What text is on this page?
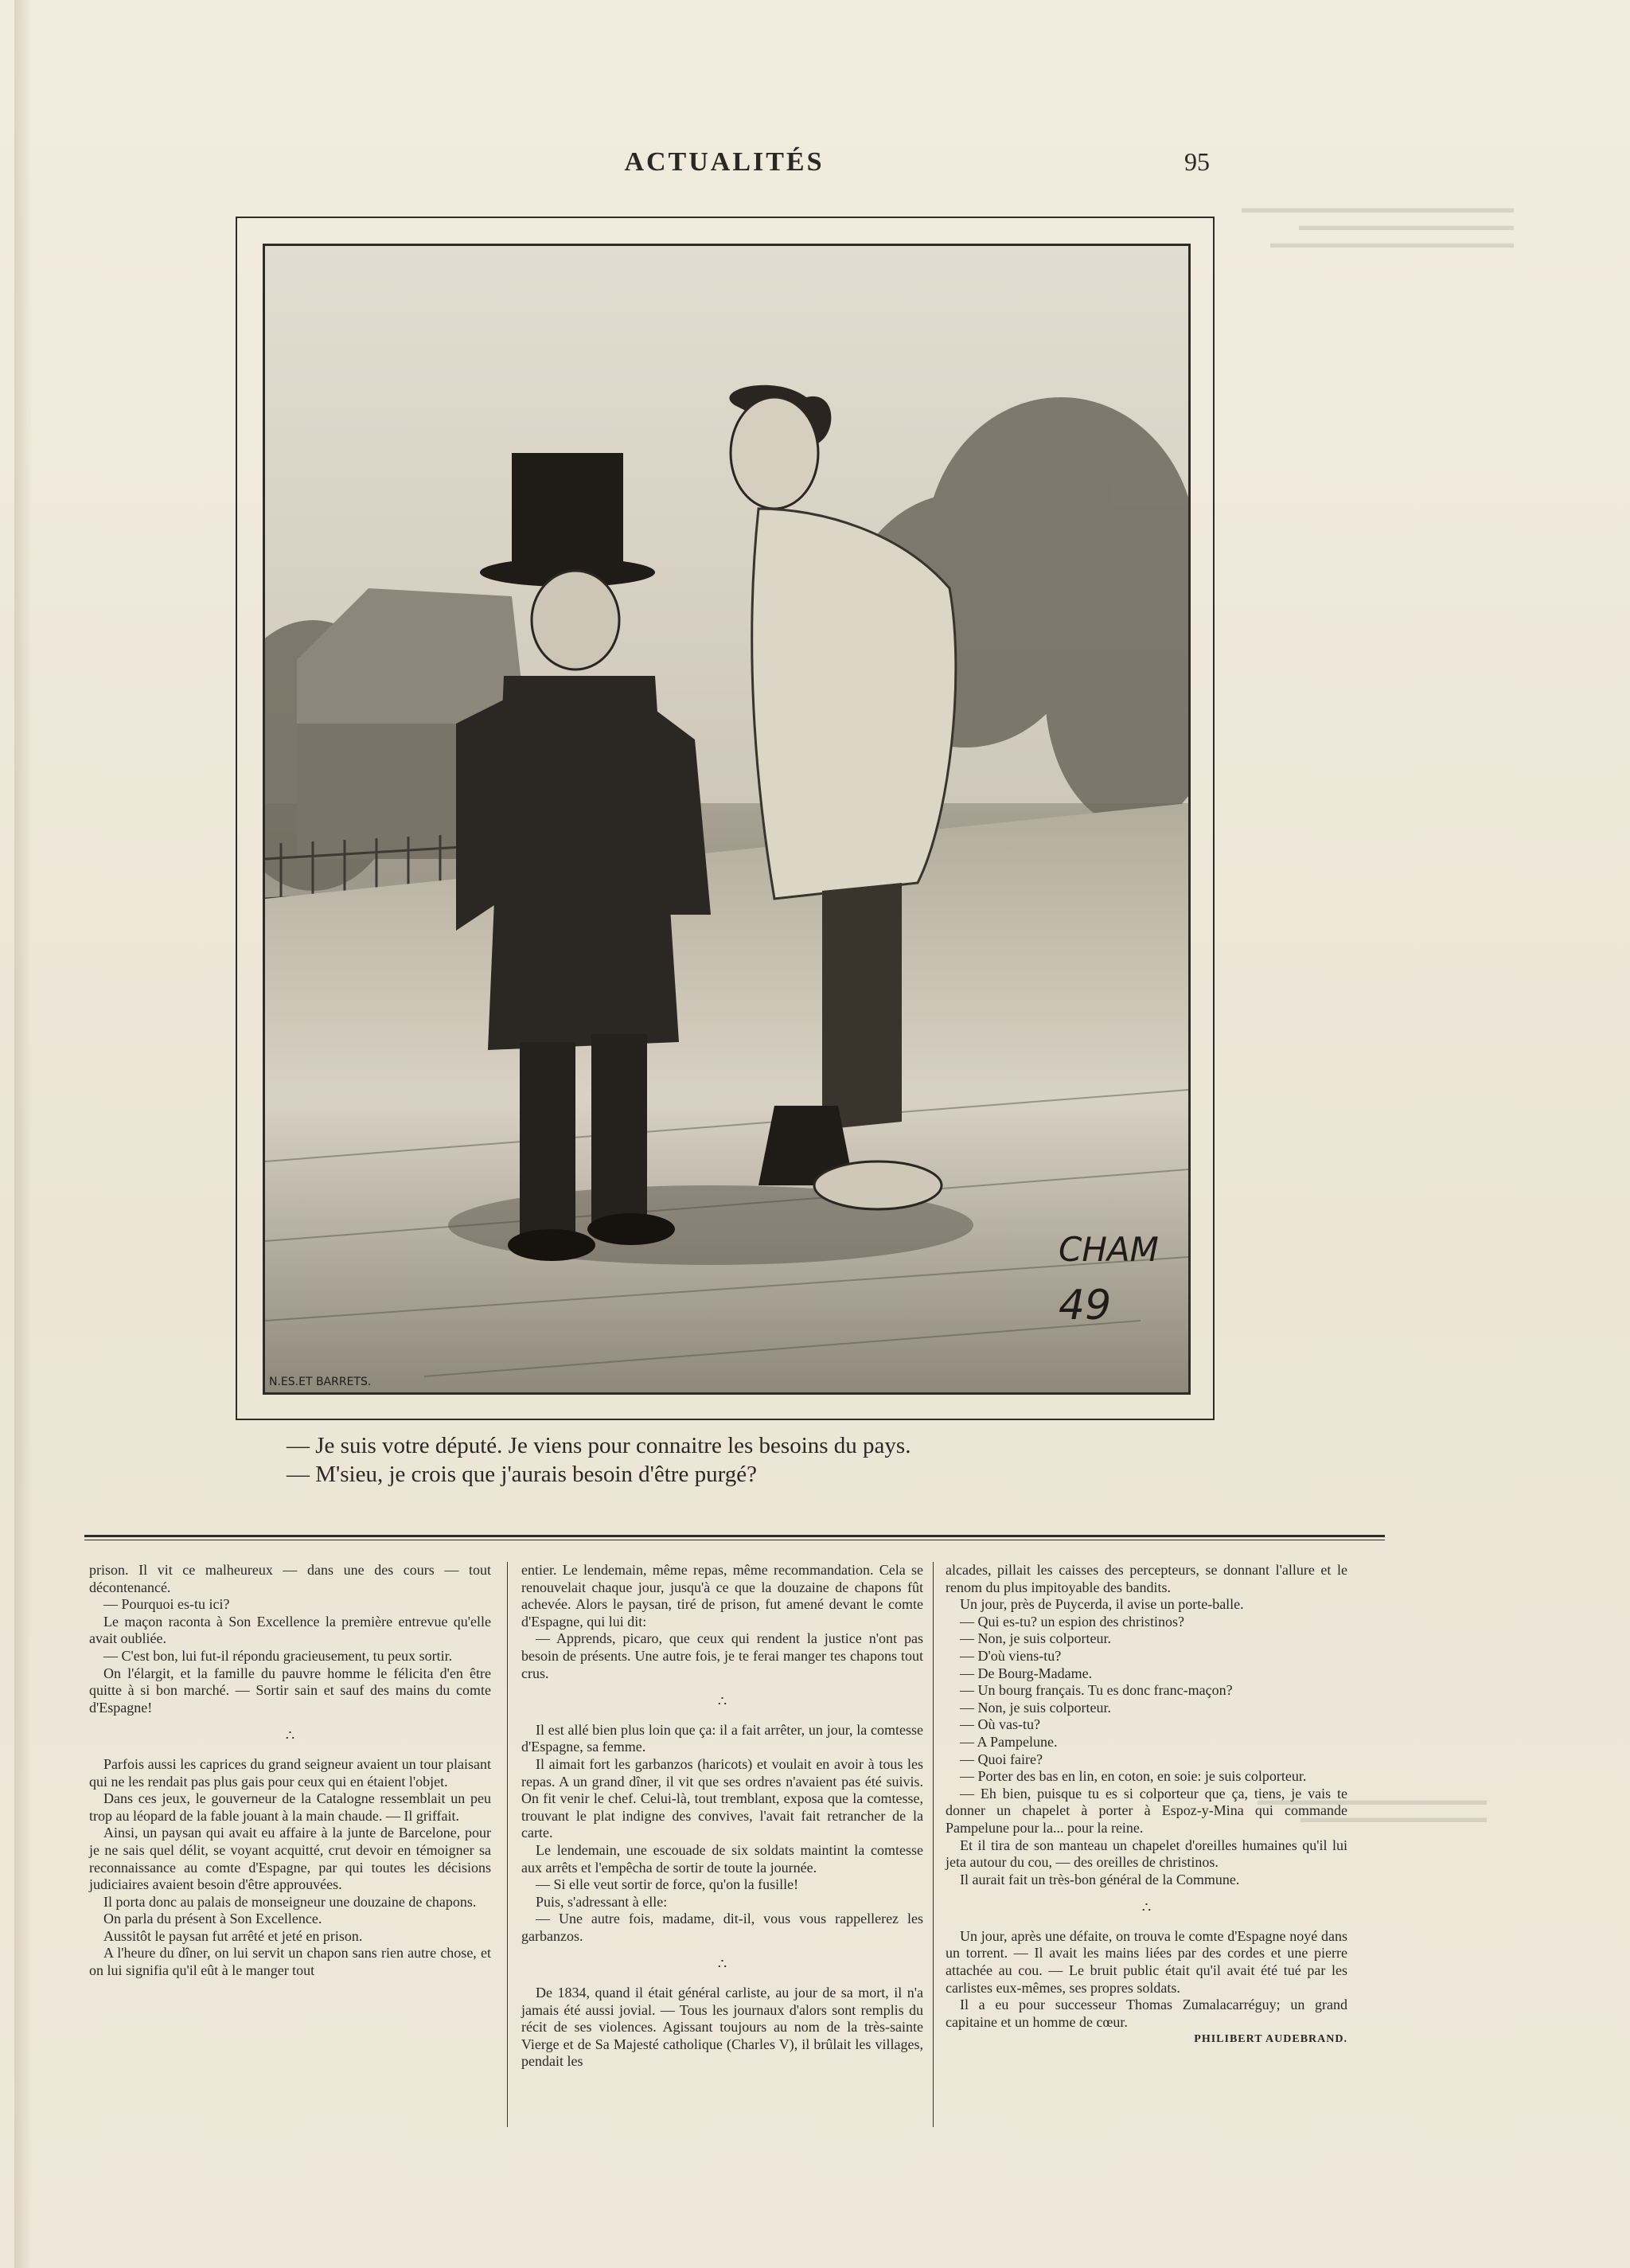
▬▬▬▬▬▬▬▬▬▬▬▬▬▬▬▬▬▬▬
▬▬▬▬▬▬▬▬▬▬▬▬▬▬▬
▬▬▬▬▬▬▬▬▬▬▬▬▬▬▬▬▬
▬▬▬▬▬▬▬▬▬▬▬▬▬▬▬▬
▬▬▬▬▬▬▬▬▬▬▬▬▬
ACTUALITÉS	95
CHAM
49
N.ES.ET BARRETS.
— Je suis votre député. Je viens pour connaitre les besoins du pays.
— M'sieu, je crois que j'aurais besoin d'être purgé?

prison. Il vit ce malheureux — dans une des cours — tout décontenancé.

— Pourquoi es-tu ici?

Le maçon raconta à Son Excellence la première entrevue qu'elle avait oubliée.

— C'est bon, lui fut-il répondu gracieusement, tu peux sortir.

On l'élargit, et la famille du pauvre homme le félicita d'en être quitte à si bon marché. — Sortir sain et sauf des mains du comte d'Espagne!

∴

Parfois aussi les caprices du grand seigneur avaient un tour plaisant qui ne les rendait pas plus gais pour ceux qui en étaient l'objet.

Dans ces jeux, le gouverneur de la Catalogne ressemblait un peu trop au léopard de la fable jouant à la main chaude. — Il griffait.

Ainsi, un paysan qui avait eu affaire à la junte de Barcelone, pour je ne sais quel délit, se voyant acquitté, crut devoir en témoigner sa reconnaissance au comte d'Espagne, par qui toutes les décisions judiciaires avaient besoin d'être approuvées.

Il porta donc au palais de monseigneur une douzaine de chapons.

On parla du présent à Son Excellence.

Aussitôt le paysan fut arrêté et jeté en prison.

A l'heure du dîner, on lui servit un chapon sans rien autre chose, et on lui signifia qu'il eût à le manger tout

entier. Le lendemain, même repas, même recommandation. Cela se renouvelait chaque jour, jusqu'à ce que la douzaine de chapons fût achevée. Alors le paysan, tiré de prison, fut amené devant le comte d'Espagne, qui lui dit:

— Apprends, picaro, que ceux qui rendent la justice n'ont pas besoin de présents. Une autre fois, je te ferai manger tes chapons tout crus.

∴

Il est allé bien plus loin que ça: il a fait arrêter, un jour, la comtesse d'Espagne, sa femme.

Il aimait fort les garbanzos (haricots) et voulait en avoir à tous les repas. A un grand dîner, il vit que ses ordres n'avaient pas été suivis. On fit venir le chef. Celui-là, tout tremblant, exposa que la comtesse, trouvant le plat indigne des convives, l'avait fait retrancher de la carte.

Le lendemain, une escouade de six soldats maintint la comtesse aux arrêts et l'empêcha de sortir de toute la journée.

— Si elle veut sortir de force, qu'on la fusille!

Puis, s'adressant à elle:

— Une autre fois, madame, dit-il, vous vous rappellerez les garbanzos.

∴

De 1834, quand il était général carliste, au jour de sa mort, il n'a jamais été aussi jovial. — Tous les journaux d'alors sont remplis du récit de ses violences. Agissant toujours au nom de la très-sainte Vierge et de Sa Majesté catholique (Charles V), il brûlait les villages, pendait les

alcades, pillait les caisses des percepteurs, se donnant l'allure et le renom du plus impitoyable des bandits.

Un jour, près de Puycerda, il avise un porte-balle.

— Qui es-tu? un espion des christinos?

— Non, je suis colporteur.

— D'où viens-tu?

— De Bourg-Madame.

— Un bourg français. Tu es donc franc-maçon?

— Non, je suis colporteur.

— Où vas-tu?

— A Pampelune.

— Quoi faire?

— Porter des bas en lin, en coton, en soie: je suis colporteur.

— Eh bien, puisque tu es si colporteur que ça, tiens, je vais te donner un chapelet à porter à Espoz-y-Mina qui commande Pampelune pour la... pour la reine.

Et il tira de son manteau un chapelet d'oreilles humaines qu'il lui jeta autour du cou, — des oreilles de christinos.

Il aurait fait un très-bon général de la Commune.

∴

Un jour, après une défaite, on trouva le comte d'Espagne noyé dans un torrent. — Il avait les mains liées par des cordes et une pierre attachée au cou. — Le bruit public était qu'il avait été tué par les carlistes eux-mêmes, ses propres soldats.

Il a eu pour successeur Thomas Zumalacarréguy; un grand capitaine et un homme de cœur.

PHILIBERT AUDEBRAND.
